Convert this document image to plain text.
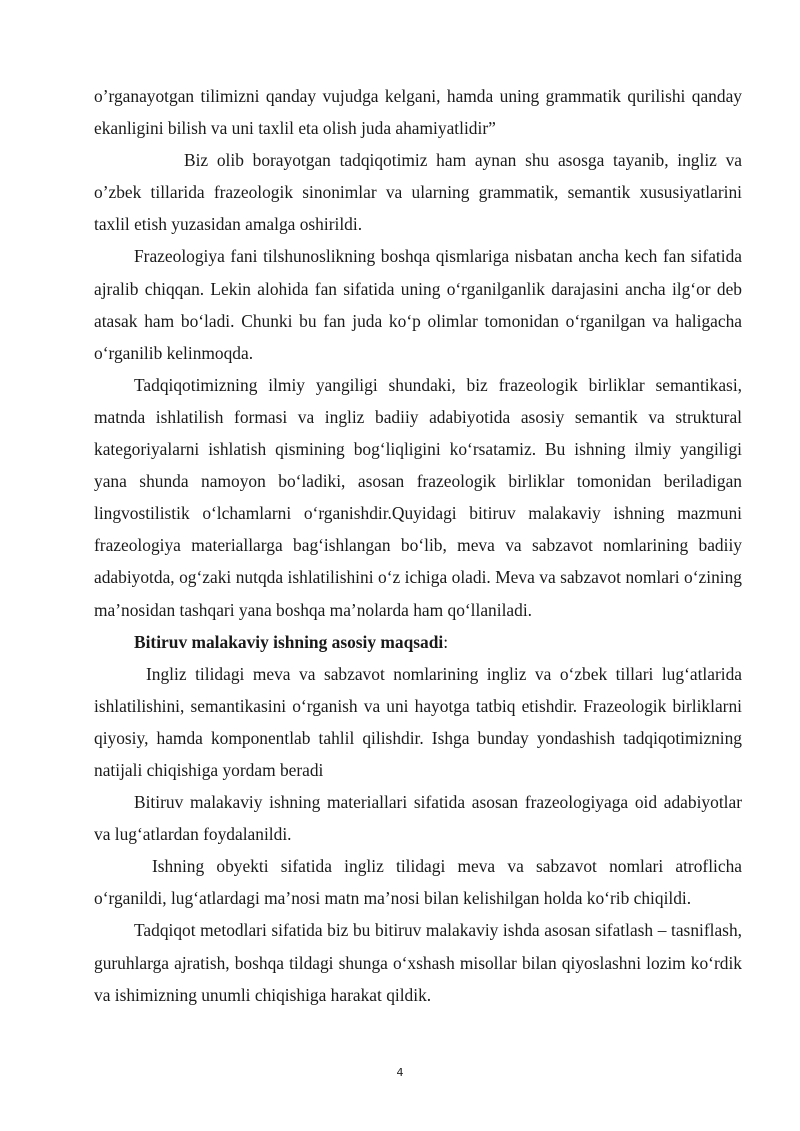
o’rganayotgan tilimizni qanday vujudga kelgani, hamda uning grammatik qurilishi qanday ekanligini bilish va uni taxlil eta olish juda ahamiyatlidir”

Biz olib borayotgan tadqiqotimiz ham aynan shu asosga tayanib, ingliz va o’zbek tillarida frazeologik sinonimlar va ularning grammatik, semantik xususiyatlarini taxlil etish yuzasidan amalga oshirildi.

Frazeologiya fani tilshunoslikning boshqa qismlariga nisbatan ancha kech fan sifatida ajralib chiqqan. Lekin alohida fan sifatida uning o‘rganilganlik darajasini ancha ilg‘or deb atasak ham bo‘ladi. Chunki bu fan juda ko‘p olimlar tomonidan o‘rganilgan va haligacha o‘rganilib kelinmoqda.

Tadqiqotimizning ilmiy yangiligi shundaki, biz frazeologik birliklar semantikasi, matnda ishlatilish formasi va ingliz badiiy adabiyotida asosiy semantik va struktural kategoriyalarni ishlatish qismining bog‘liqligini ko‘rsatamiz. Bu ishning ilmiy yangiligi yana shunda namoyon bo‘ladiki, asosan frazeologik birliklar tomonidan beriladigan lingvostilistik o‘lchamlarni o‘rganishdir.Quyidagi bitiruv malakaviy ishning mazmuni frazeologiya materiallarga bag‘ishlangan bo‘lib, meva va sabzavot nomlarining badiiy adabiyotda, og‘zaki nutqda ishlatilishini o‘z ichiga oladi. Meva va sabzavot nomlari o‘zining ma’nosidan tashqari yana boshqa ma’nolarda ham qo‘llaniladi.

Bitiruv malakaviy ishning asosiy maqsadi:

Ingliz tilidagi meva va sabzavot nomlarining ingliz va o‘zbek tillari lug‘atlarida ishlatilishini, semantikasini o‘rganish va uni hayotga tatbiq etishdir. Frazeologik birliklarni qiyosiy, hamda komponentlab tahlil qilishdir. Ishga bunday yondashish tadqiqotimizning natijali chiqishiga yordam beradi

Bitiruv malakaviy ishning materiallari sifatida asosan frazeologiyaga oid adabiyotlar va lug‘atlardan foydalanildi.

Ishning obyekti sifatida ingliz tilidagi meva va sabzavot nomlari atroflicha o‘rganildi, lug‘atlardagi ma’nosi matn ma’nosi bilan kelishilgan holda ko‘rib chiqildi.

Tadqiqot metodlari sifatida biz bu bitiruv malakaviy ishda asosan sifatlash – tasniflash, guruhlarga ajratish, boshqa tildagi shunga o‘xshash misollar bilan qiyoslashni lozim ko‘rdik va ishimizning unumli chiqishiga harakat qildik.

4
